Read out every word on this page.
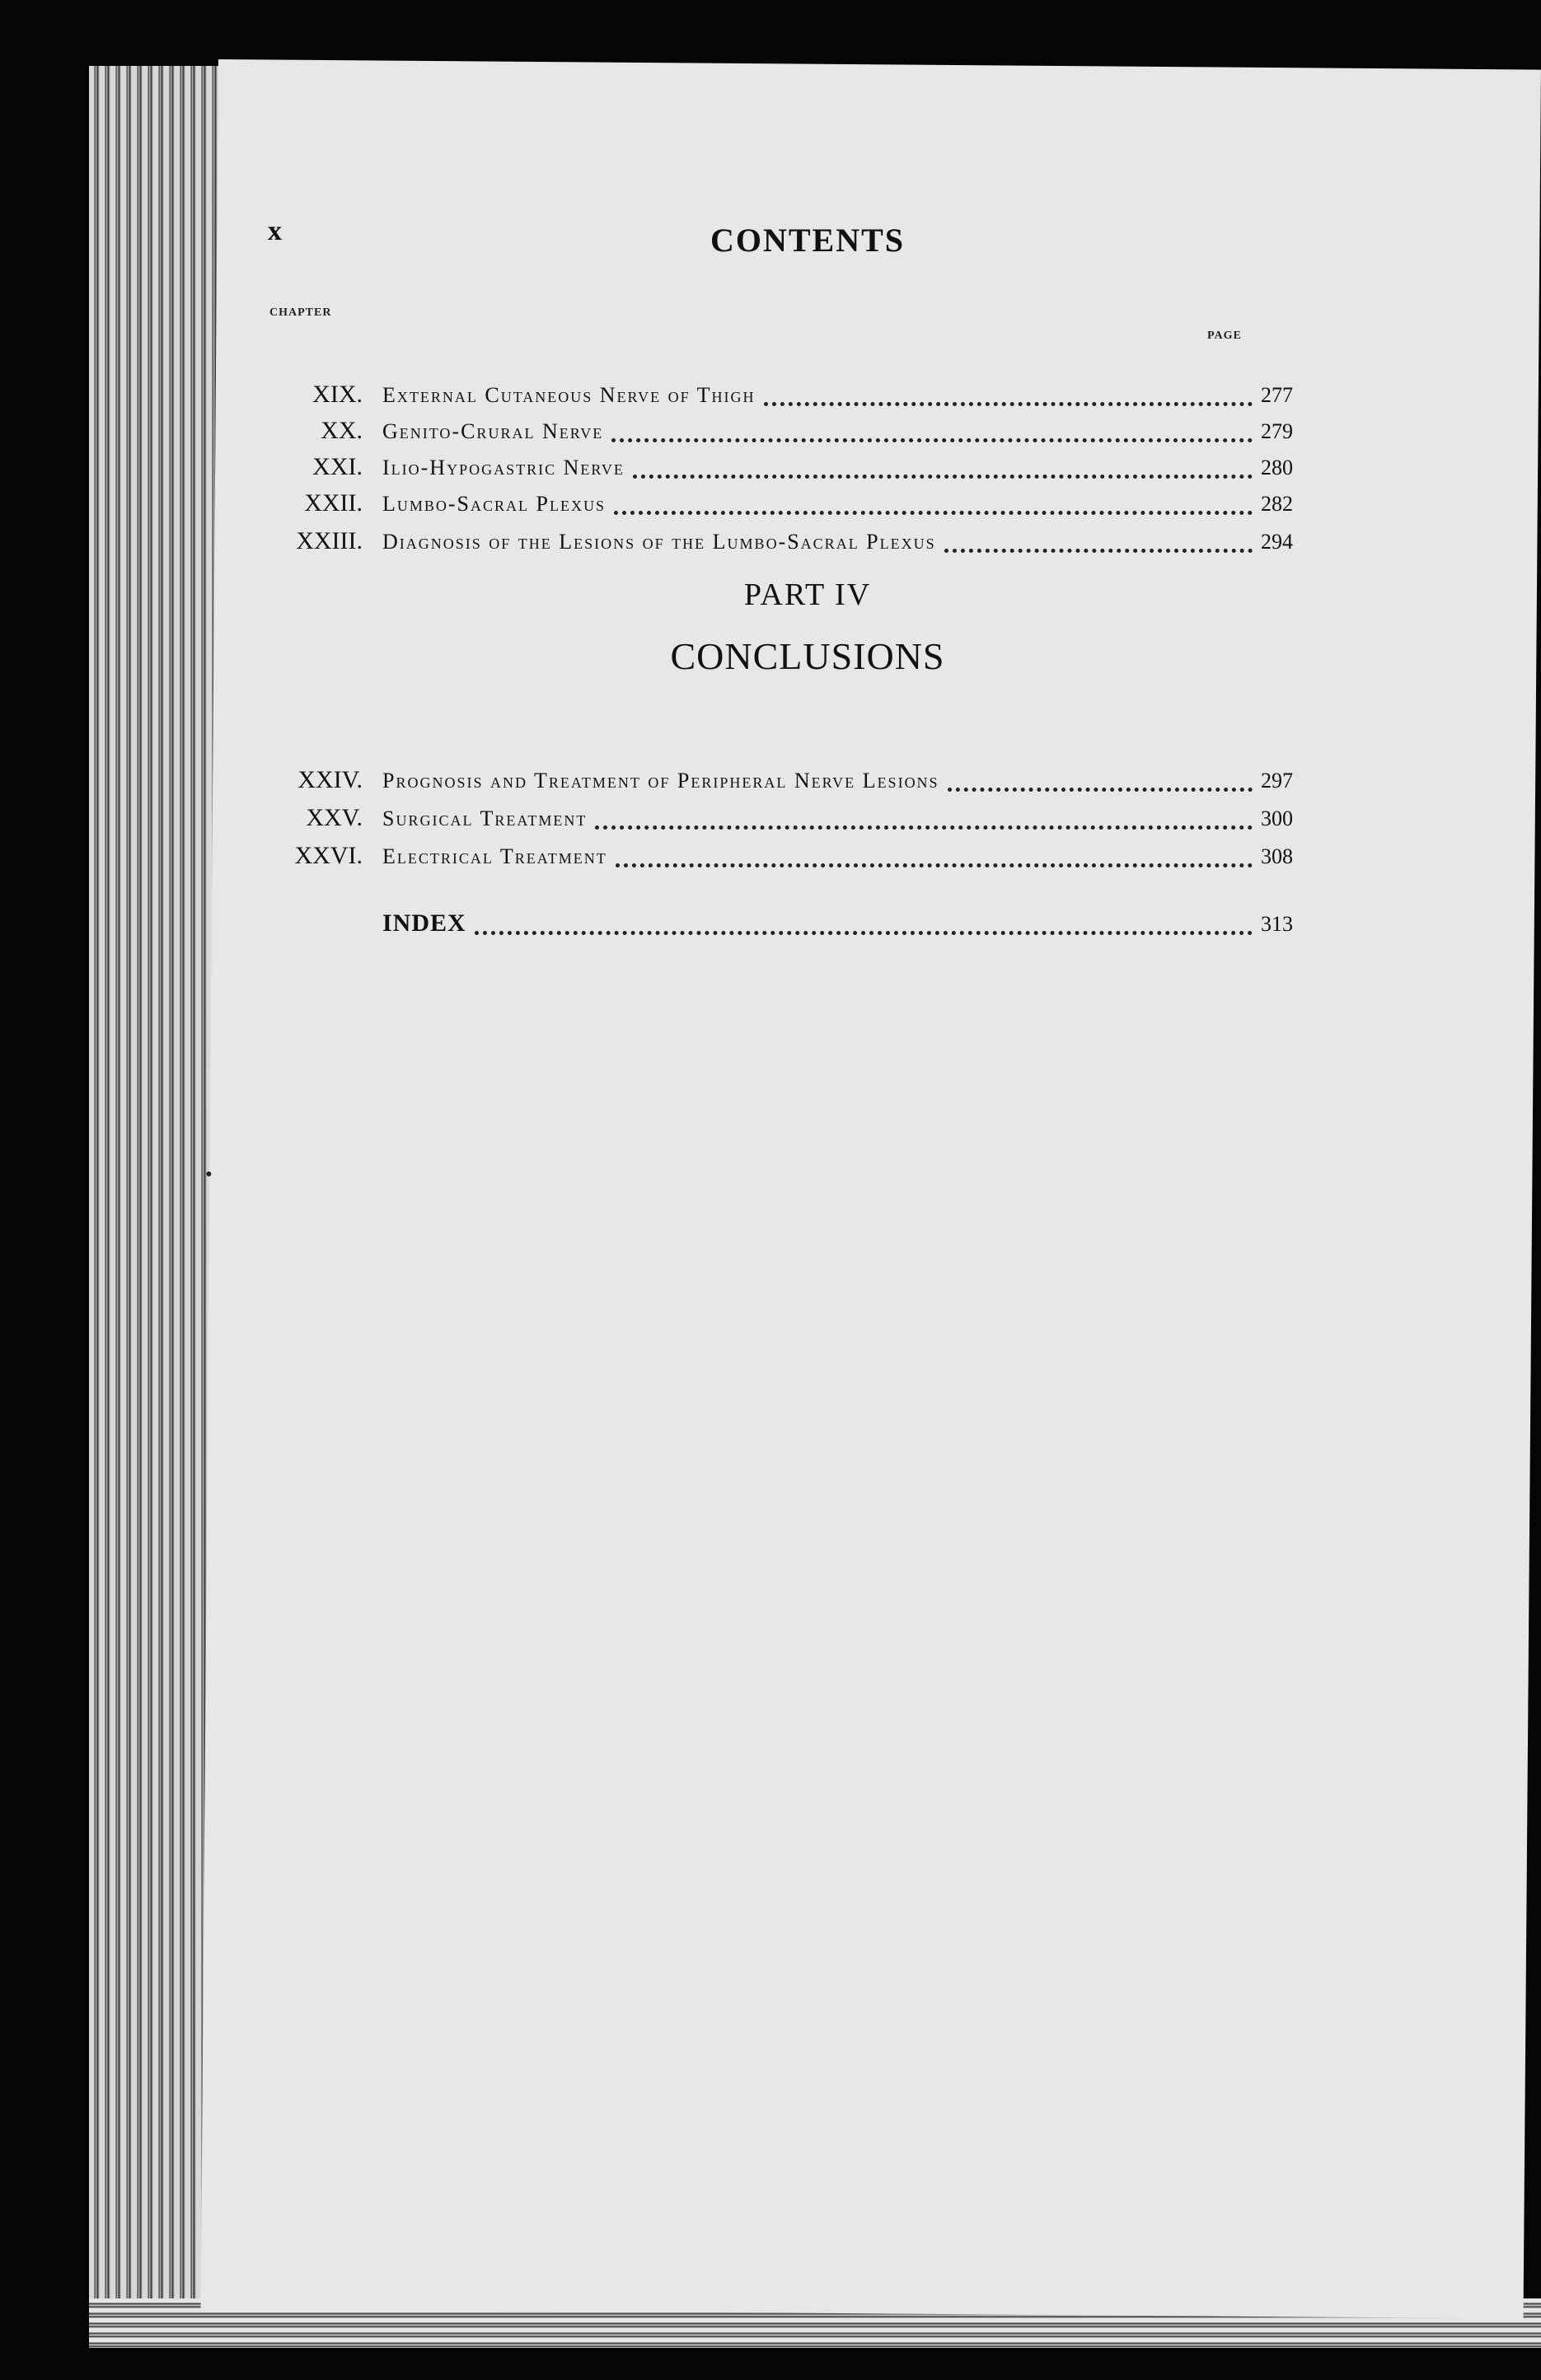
x	CONTENTS
CHAPTER
PAGE
XIX. External Cutaneous Nerve of Thigh	277
XX. Genito-Crural Nerve	279
XXI. Ilio-Hypogastric Nerve	280
XXII. Lumbo-Sacral Plexus	282
XXIII. Diagnosis of the Lesions of the Lumbo-Sacral Plexus	294
PART IV
CONCLUSIONS
XXIV. Prognosis and Treatment of Peripheral Nerve Lesions	297
XXV. Surgical Treatment	300
XXVI. Electrical Treatment	308
INDEX	313
